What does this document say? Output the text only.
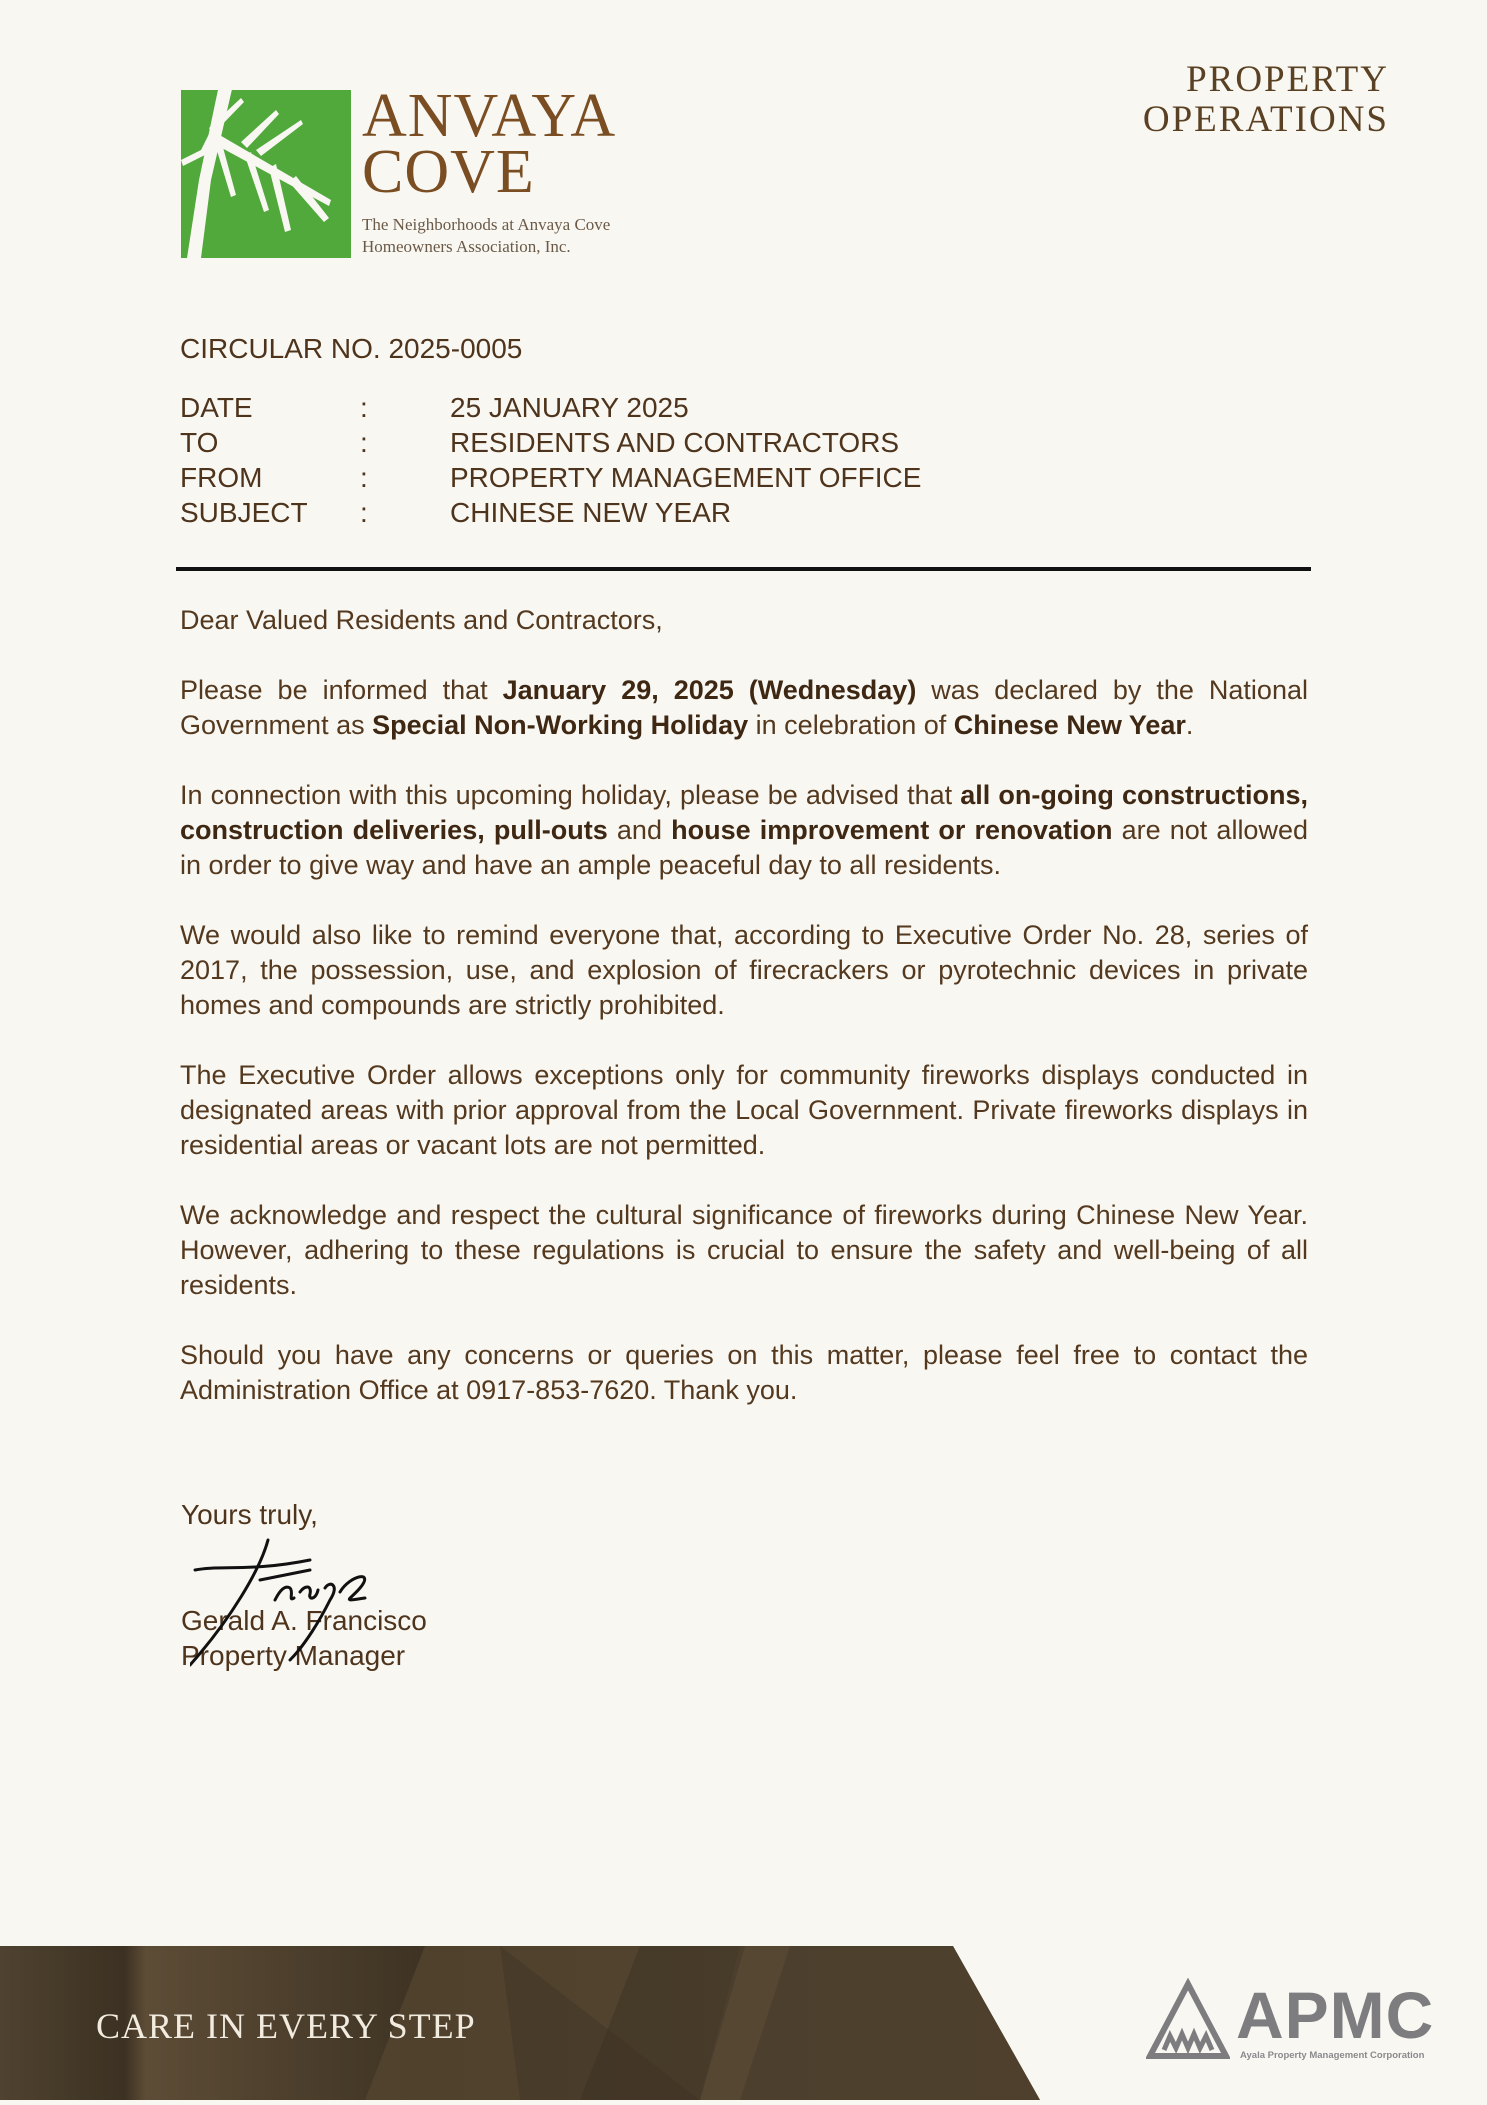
ANVAYA
COVE
The Neighborhoods at Anvaya Cove
Homeowners Association, Inc.
PROPERTY
OPERATIONS
CIRCULAR NO. 2025-0005
DATE	:	25 JANUARY 2025
TO	:	RESIDENTS AND CONTRACTORS
FROM	:	PROPERTY MANAGEMENT OFFICE
SUBJECT :	CHINESE NEW YEAR

Dear Valued Residents and Contractors,

Please be informed that January 29, 2025 (Wednesday) was declared by the National Government as Special Non-Working Holiday in celebration of Chinese New Year.

In connection with this upcoming holiday, please be advised that all on-going constructions, construction deliveries, pull-outs and house improvement or renovation are not allowed in order to give way and have an ample peaceful day to all residents.

We would also like to remind everyone that, according to Executive Order No. 28, series of 2017, the possession, use, and explosion of firecrackers or pyrotechnic devices in private homes and compounds are strictly prohibited.

The Executive Order allows exceptions only for community fireworks displays conducted in designated areas with prior approval from the Local Government. Private fireworks displays in residential areas or vacant lots are not permitted.

We acknowledge and respect the cultural significance of fireworks during Chinese New Year. However, adhering to these regulations is crucial to ensure the safety and well-being of all residents.

Should you have any concerns or queries on this matter, please feel free to contact the Administration Office at 0917-853-7620. Thank you.

Yours truly,
Gerald A. Francisco
Property Manager
CARE IN EVERY STEP	APMC
Ayala Property Management Corporation
